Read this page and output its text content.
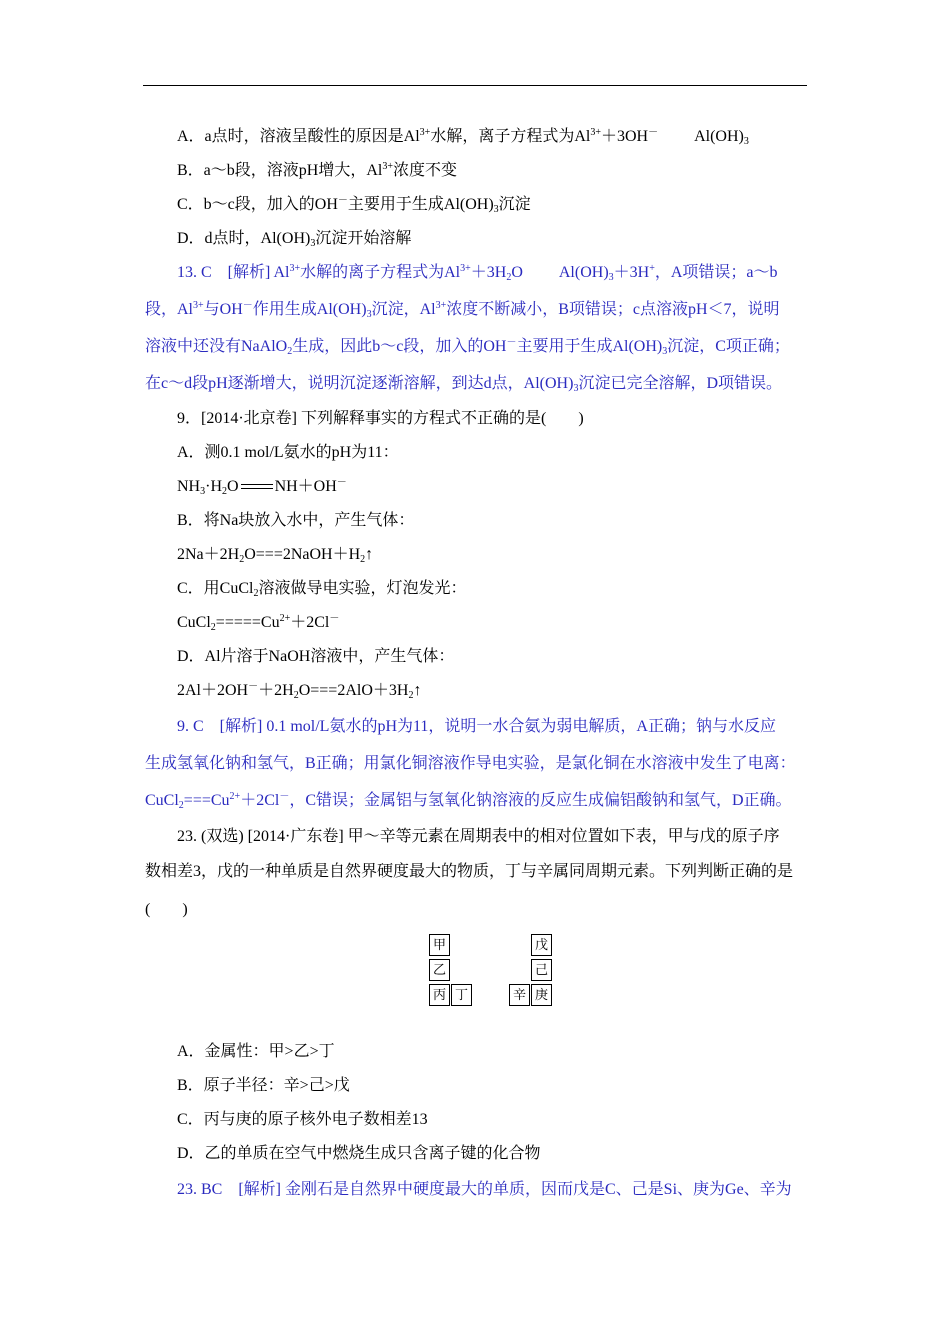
A．a点时，溶液呈酸性的原因是$Al^{3+}$水解，离子方程式为$Al^{3+}+3OH^-$ $Al(OH)_3$
B．a～b段，溶液pH增大，$Al^{3+}$浓度不变
C．b～c段，加入的OH－主要用于生成$Al(OH)_3$沉淀
D．d点时，$Al(OH)_3$沉淀开始溶解
13. C　[解析] $Al^{3+}$水解的离子方程式为$Al^{3+}+3H_2O$ $Al(OH)_3+3H^+$，A项错误；a～b
段，$Al^{3+}$与OH－作用生成$Al(OH)_3$沉淀，$Al^{3+}$浓度不断减小，B项错误；c点溶液pH＜7，说明
溶液中还没有NaAlO$_2$生成，因此b～c段，加入的OH－主要用于生成$Al(OH)_3$沉淀，C项正确；
在c～d段pH逐渐增大，说明沉淀逐渐溶解，到达d点，$Al(OH)_3$沉淀已完全溶解，D项错误。
9．[2014·北京卷] 下列解释事实的方程式不正确的是(　　)
A．测0.1 mol/L氨水的pH为11：
$NH_3\cdot H_2O$ NH＋OH－
B．将Na块放入水中，产生气体：
$2Na+2H_2O===2NaOH+H_2↑$
C．用CuCl$_2$溶液做导电实验，灯泡发光：
$CuCl_2=====Cu^{2+}+2Cl^-$
D．Al片溶于NaOH溶液中，产生气体：
$2Al+2OH^-+2H_2O===2AlO+3H_2↑$
9. C　[解析] 0.1 mol/L氨水的pH为11，说明一水合氨为弱电解质，A正确；钠与水反应
生成氢氧化钠和氢气，B正确；用氯化铜溶液作导电实验，是氯化铜在水溶液中发生了电离：
$CuCl_2===Cu^{2+}+2Cl^-$，C错误；金属铝与氢氧化钠溶液的反应生成偏铝酸钠和氢气，D正确。
23. (双选) [2014·广东卷] 甲～辛等元素在周期表中的相对位置如下表，甲与戊的原子序
数相差3，戊的一种单质是自然界硬度最大的物质，丁与辛属同周期元素。下列判断正确的是
(　　)
甲
乙
丙 丁
戊
己
辛 庚
A．金属性：甲>乙>丁
B．原子半径：辛>己>戊
C．丙与庚的原子核外电子数相差13
D．乙的单质在空气中燃烧生成只含离子键的化合物
23. BC　[解析] 金刚石是自然界中硬度最大的单质，因而戊是C、己是Si、庚为Ge、辛为
